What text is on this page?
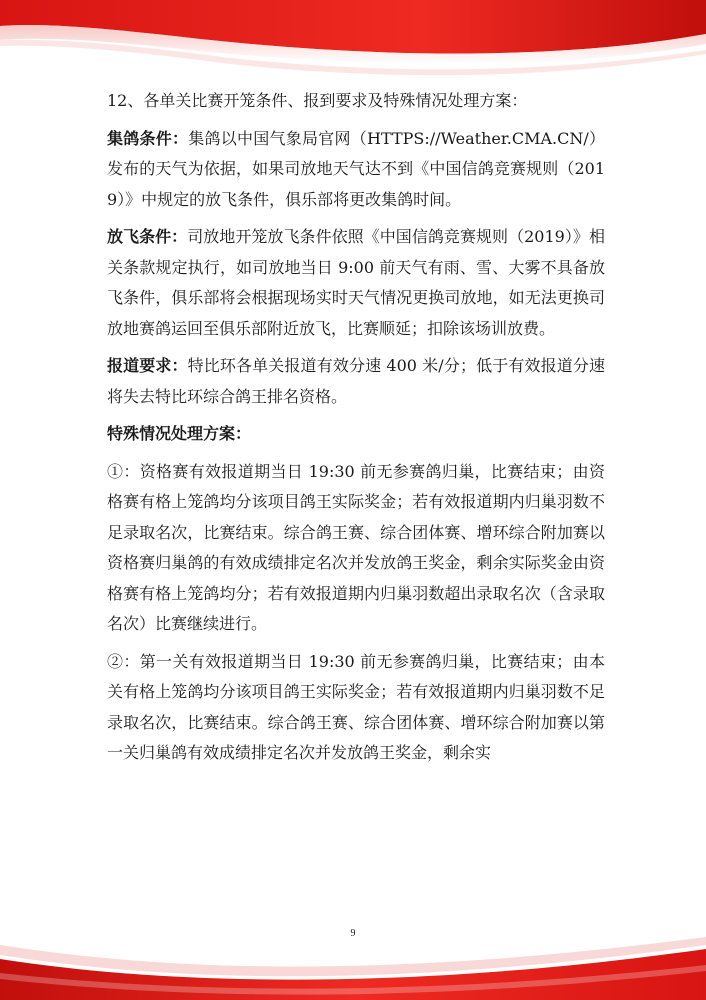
12、各单关比赛开笼条件、报到要求及特殊情况处理方案：

集鸽条件：集鸽以中国气象局官网（HTTPS://Weather.CMA.CN/）发布的天气为依据，如果司放地天气达不到《中国信鸽竞赛规则（2019）》中规定的放飞条件，俱乐部将更改集鸽时间。

放飞条件：司放地开笼放飞条件依照《中国信鸽竞赛规则（2019）》相关条款规定执行，如司放地当日 9:00 前天气有雨、雪、大雾不具备放飞条件，俱乐部将会根据现场实时天气情况更换司放地，如无法更换司放地赛鸽运回至俱乐部附近放飞，比赛顺延；扣除该场训放费。

报道要求：特比环各单关报道有效分速 400 米/分；低于有效报道分速将失去特比环综合鸽王排名资格。

特殊情况处理方案：

①：资格赛有效报道期当日 19:30 前无参赛鸽归巢，比赛结束；由资格赛有格上笼鸽均分该项目鸽王实际奖金；若有效报道期内归巢羽数不足录取名次，比赛结束。综合鸽王赛、综合团体赛、增环综合附加赛以资格赛归巢鸽的有效成绩排定名次并发放鸽王奖金，剩余实际奖金由资格赛有格上笼鸽均分；若有效报道期内归巢羽数超出录取名次（含录取名次）比赛继续进行。

②：第一关有效报道期当日 19:30 前无参赛鸽归巢，比赛结束；由本关有格上笼鸽均分该项目鸽王实际奖金；若有效报道期内归巢羽数不足录取名次，比赛结束。综合鸽王赛、综合团体赛、增环综合附加赛以第一关归巢鸽有效成绩排定名次并发放鸽王奖金，剩余实

9
